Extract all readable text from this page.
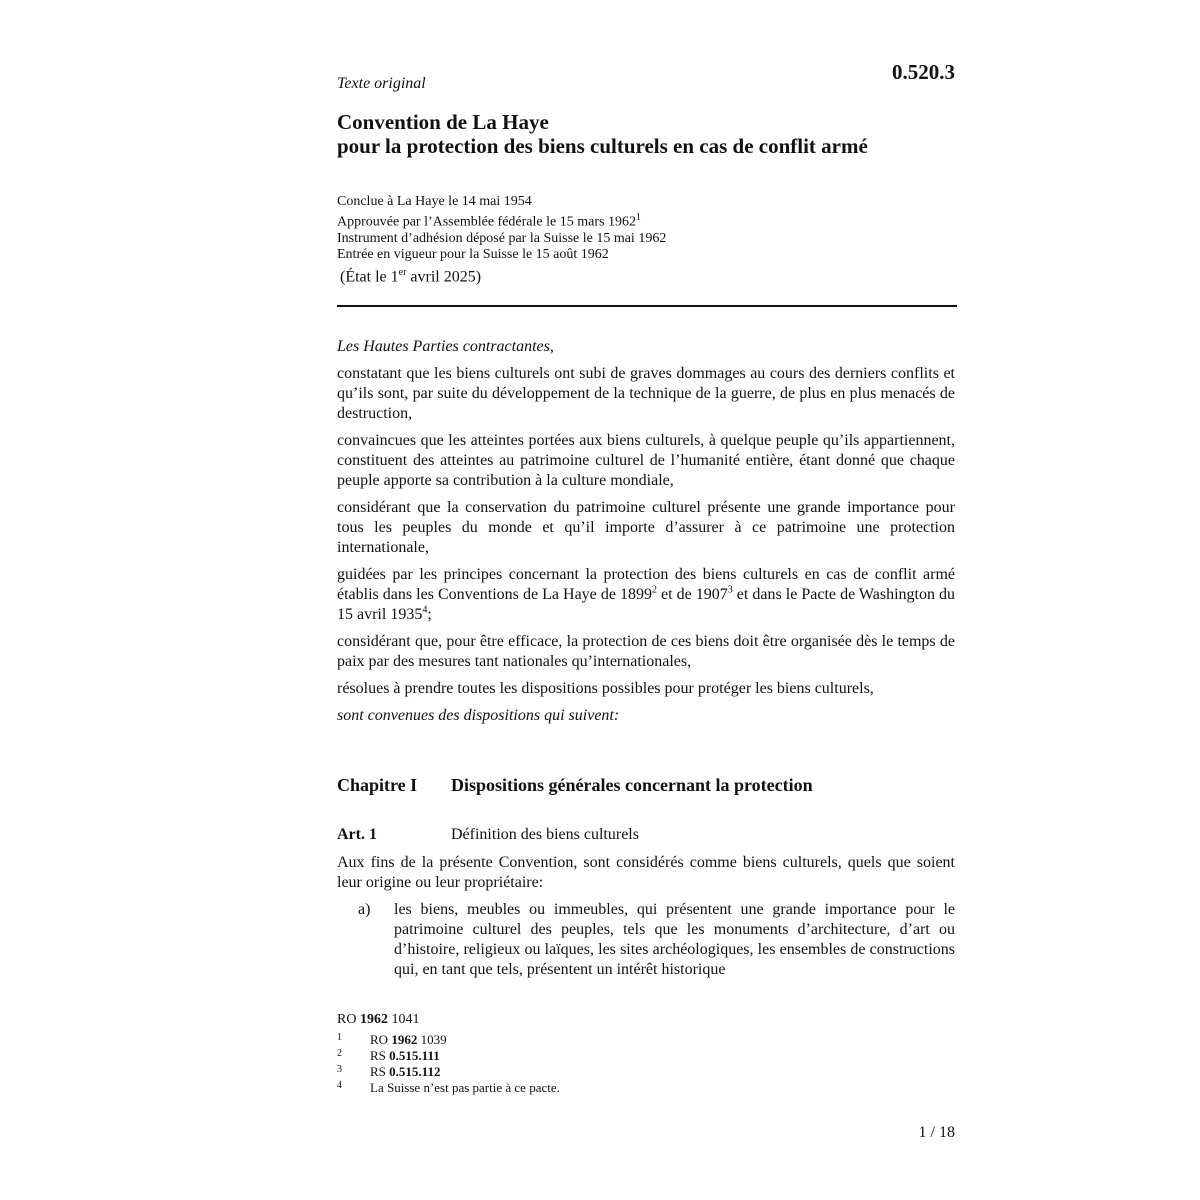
Texte original	0.520.3
Convention de La Haye
pour la protection des biens culturels en cas de conflit armé
Conclue à La Haye le 14 mai 1954
Approuvée par l’Assemblée fédérale le 15 mars 1962$^1$
Instrument d’adhésion déposé par la Suisse le 15 mai 1962
Entrée en vigueur pour la Suisse le 15 août 1962
(État le 1er avril 2025)

Les Hautes Parties contractantes,

constatant que les biens culturels ont subi de graves dommages au cours des derniers conflits et qu’ils sont, par suite du développement de la technique de la guerre, de plus en plus menacés de destruction,

convaincues que les atteintes portées aux biens culturels, à quelque peuple qu’ils appartiennent, constituent des atteintes au patrimoine culturel de l’humanité entière, étant donné que chaque peuple apporte sa contribution à la culture mondiale,

considérant que la conservation du patrimoine culturel présente une grande importance pour tous les peuples du monde et qu’il importe d’assurer à ce patrimoine une protection internationale,

guidées par les principes concernant la protection des biens culturels en cas de conflit armé établis dans les Conventions de La Haye de 1899$^2$ et de 1907$^3$ et dans le Pacte de Washington du 15 avril 1935$^4$;

considérant que, pour être efficace, la protection de ces biens doit être organisée dès le temps de paix par des mesures tant nationales qu’internationales,

résolues à prendre toutes les dispositions possibles pour protéger les biens culturels,

sont convenues des dispositions qui suivent:

Chapitre I Dispositions générales concernant la protection
Art. 1	Définition des biens culturels

Aux fins de la présente Convention, sont considérés comme biens culturels, quels que soient leur origine ou leur propriétaire:

a)	les biens, meubles ou immeubles, qui présentent une grande importance pour le patrimoine culturel des peuples, tels que les monuments d’architecture, d’art ou d’histoire, religieux ou laïques, les sites archéologiques, les ensembles de constructions qui, en tant que tels, présentent un intérêt historique
RO 1962 1041
1	RO 1962 1039
2	RS 0.515.111
3	RS 0.515.112
4	La Suisse n’est pas partie à ce pacte.
1 / 18
